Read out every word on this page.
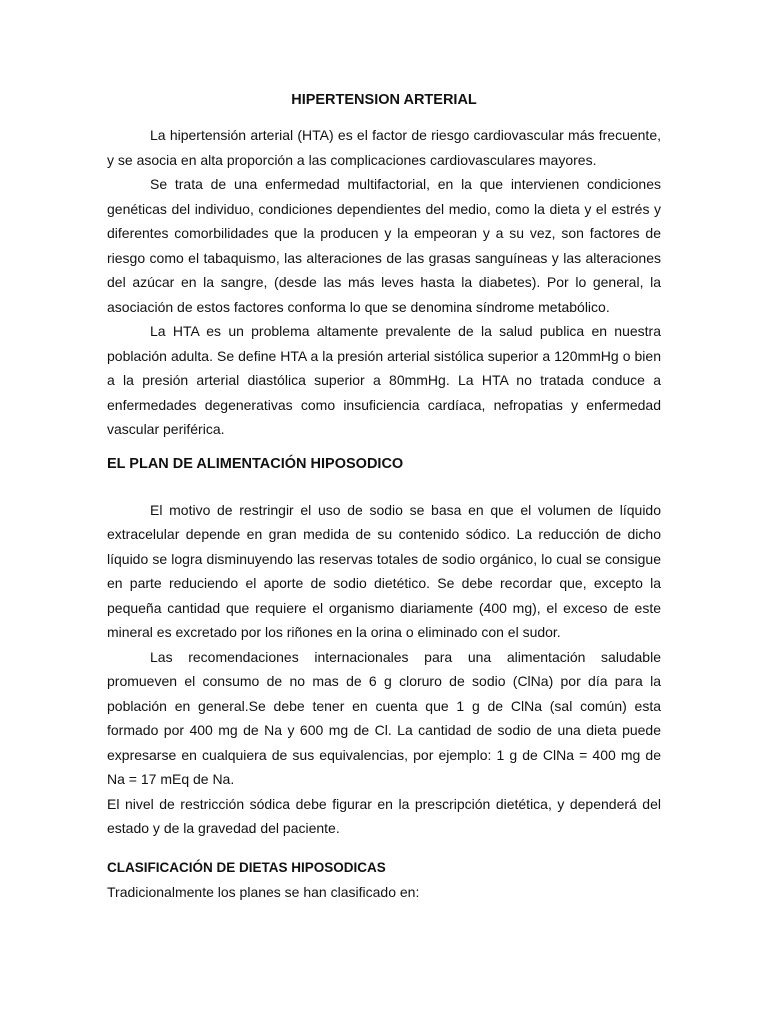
HIPERTENSION ARTERIAL

La hipertensión arterial (HTA) es el factor de riesgo cardiovascular más frecuente, y se asocia en alta proporción a las complicaciones cardiovasculares mayores.

Se trata de una enfermedad multifactorial, en la que intervienen condiciones genéticas del individuo, condiciones dependientes del medio, como la dieta y el estrés y diferentes comorbilidades que la producen y la empeoran y a su vez, son factores de riesgo como el tabaquismo, las alteraciones de las grasas sanguíneas y las alteraciones del azúcar en la sangre, (desde las más leves hasta la diabetes). Por lo general, la asociación de estos factores conforma lo que se denomina síndrome metabólico.

La HTA es un problema altamente prevalente de la salud publica en nuestra población adulta. Se define HTA a la presión arterial sistólica superior a 120mmHg o bien a la presión arterial diastólica superior a 80mmHg. La HTA no tratada conduce a enfermedades degenerativas como insuficiencia cardíaca, nefropatias y enfermedad vascular periférica.

EL PLAN DE ALIMENTACIÓN HIPOSODICO

El motivo de restringir el uso de sodio se basa en que el volumen de líquido extracelular depende en gran medida de su contenido sódico. La reducción de dicho líquido se logra disminuyendo las reservas totales de sodio orgánico, lo cual se consigue en parte reduciendo el aporte de sodio dietético. Se debe recordar que, excepto la pequeña cantidad que requiere el organismo diariamente (400 mg), el exceso de este mineral es excretado por los riñones en la orina o eliminado con el sudor.

Las recomendaciones internacionales para una alimentación saludable promueven el consumo de no mas de 6 g cloruro de sodio (ClNa) por día para la población en general.Se debe tener en cuenta que 1 g de ClNa (sal común) esta formado por 400 mg de Na y 600 mg de Cl. La cantidad de sodio de una dieta puede expresarse en cualquiera de sus equivalencias, por ejemplo: 1 g de ClNa = 400 mg de Na = 17 mEq de Na.

El nivel de restricción sódica debe figurar en la prescripción dietética, y dependerá del estado y de la gravedad del paciente.

CLASIFICACIÓN DE DIETAS HIPOSODICAS

Tradicionalmente los planes se han clasificado en:
